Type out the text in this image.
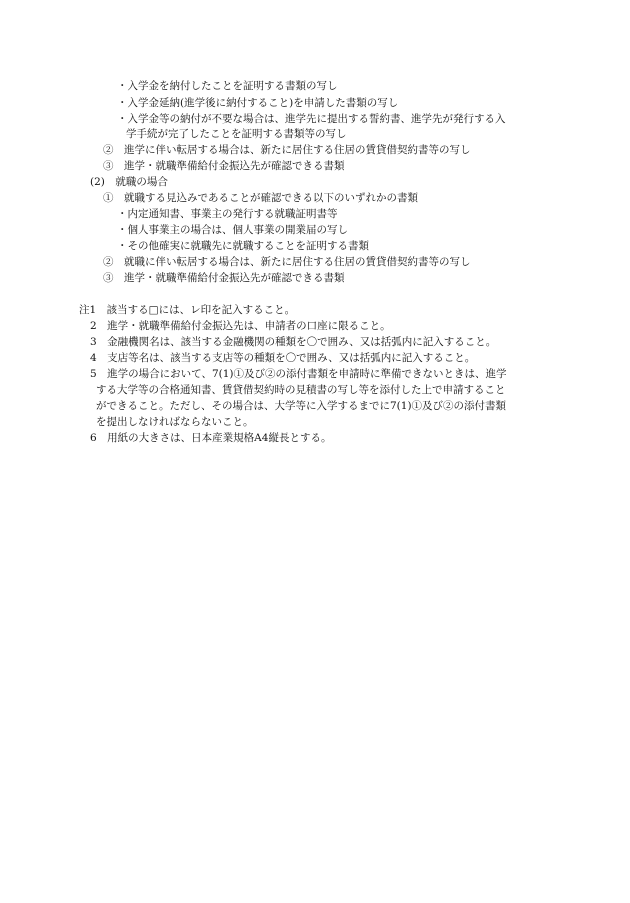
・入学金を納付したことを証明する書類の写し
・入学金延納(進学後に納付すること)を申請した書類の写し
・入学金等の納付が不要な場合は、進学先に提出する誓約書、進学先が発行する入
学手続が完了したことを証明する書類等の写し
②　進学に伴い転居する場合は、新たに居住する住居の賃貸借契約書等の写し
③　進学・就職準備給付金振込先が確認できる書類
(2)　就職の場合
①　就職する見込みであることが確認できる以下のいずれかの書類
・内定通知書、事業主の発行する就職証明書等
・個人事業主の場合は、個人事業の開業届の写し
・その他確実に就職先に就職することを証明する書類
②　就職に伴い転居する場合は、新たに居住する住居の賃貸借契約書等の写し
③　進学・就職準備給付金振込先が確認できる書類
注1　該当する□には、レ印を記入すること。
2　進学・就職準備給付金振込先は、申請者の口座に限ること。
3　金融機関名は、該当する金融機関の種類を〇で囲み、又は括弧内に記入すること。
4　支店等名は、該当する支店等の種類を〇で囲み、又は括弧内に記入すること。
5　進学の場合において、7(1)①及び②の添付書類を申請時に準備できないときは、進学
する大学等の合格通知書、賃貸借契約時の見積書の写し等を添付した上で申請すること
ができること。ただし、その場合は、大学等に入学するまでに7(1)①及び②の添付書類
を提出しなければならないこと。
6　用紙の大きさは、日本産業規格A4縦長とする。
